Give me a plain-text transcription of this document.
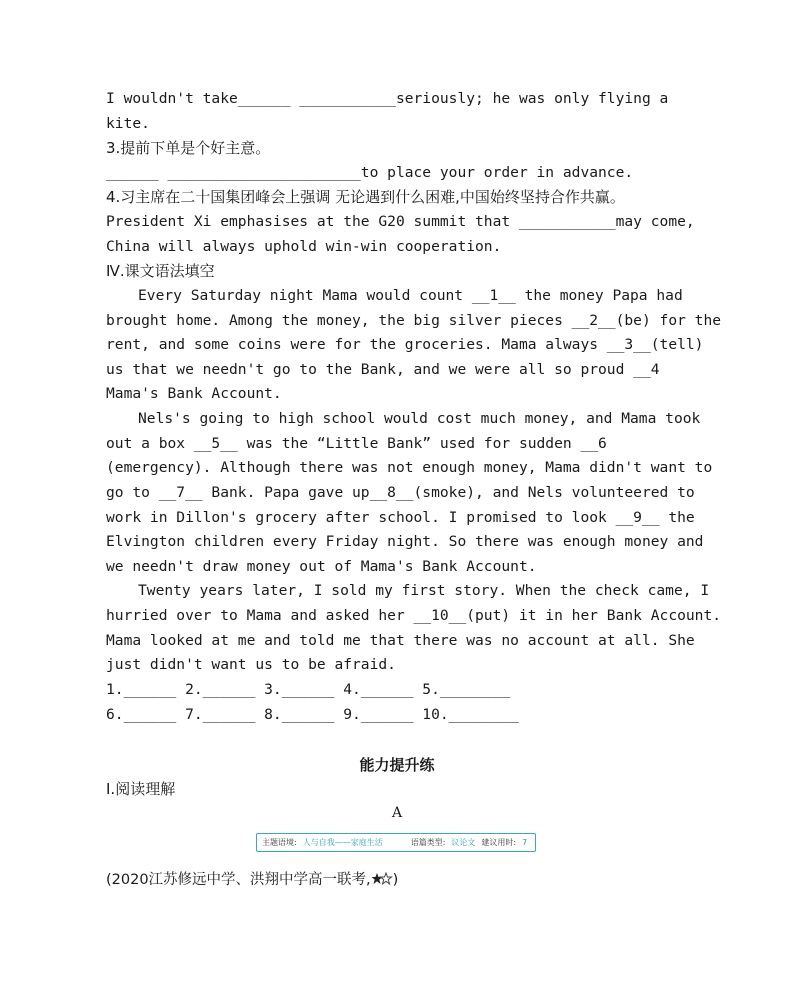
I wouldn't take______ ___________seriously; he was only flying a
kite.
3.提前下单是个好主意。
______ ______________________to place your order in advance.
4.习主席在二十国集团峰会上强调 无论遇到什么困难,中国始终坚持合作共赢。
President Xi emphasises at the G20 summit that ___________may come,
China will always uphold win-win cooperation.
Ⅳ.课文语法填空
Every Saturday night Mama would count __1__ the money Papa had
brought home. Among the money, the big silver pieces __2__(be) for the
rent, and some coins were for the groceries. Mama always __3__(tell)
us that we needn't go to the Bank, and we were all so proud __4
Mama's Bank Account.
Nels's going to high school would cost much money, and Mama took
out a box __5__ was the “Little Bank” used for sudden __6
(emergency). Although there was not enough money, Mama didn't want to
go to __7__ Bank. Papa gave up__8__(smoke), and Nels volunteered to
work in Dillon's grocery after school. I promised to look __9__ the
Elvington children every Friday night. So there was enough money and
we needn't draw money out of Mama's Bank Account.
Twenty years later, I sold my first story. When the check came, I
hurried over to Mama and asked her __10__(put) it in her Bank Account.
Mama looked at me and told me that there was no account at all. She
just didn't want us to be afraid.
1.______ 2.______ 3.______ 4.______ 5.________
6.______ 7.______ 8.______ 9.______ 10.________
能力提升练
Ⅰ.阅读理解
A
主题语境: 人与自我——家庭生活	语篇类型: 议论文 建议用时: 7
(2020江苏修远中学、洪翔中学高一联考, )
